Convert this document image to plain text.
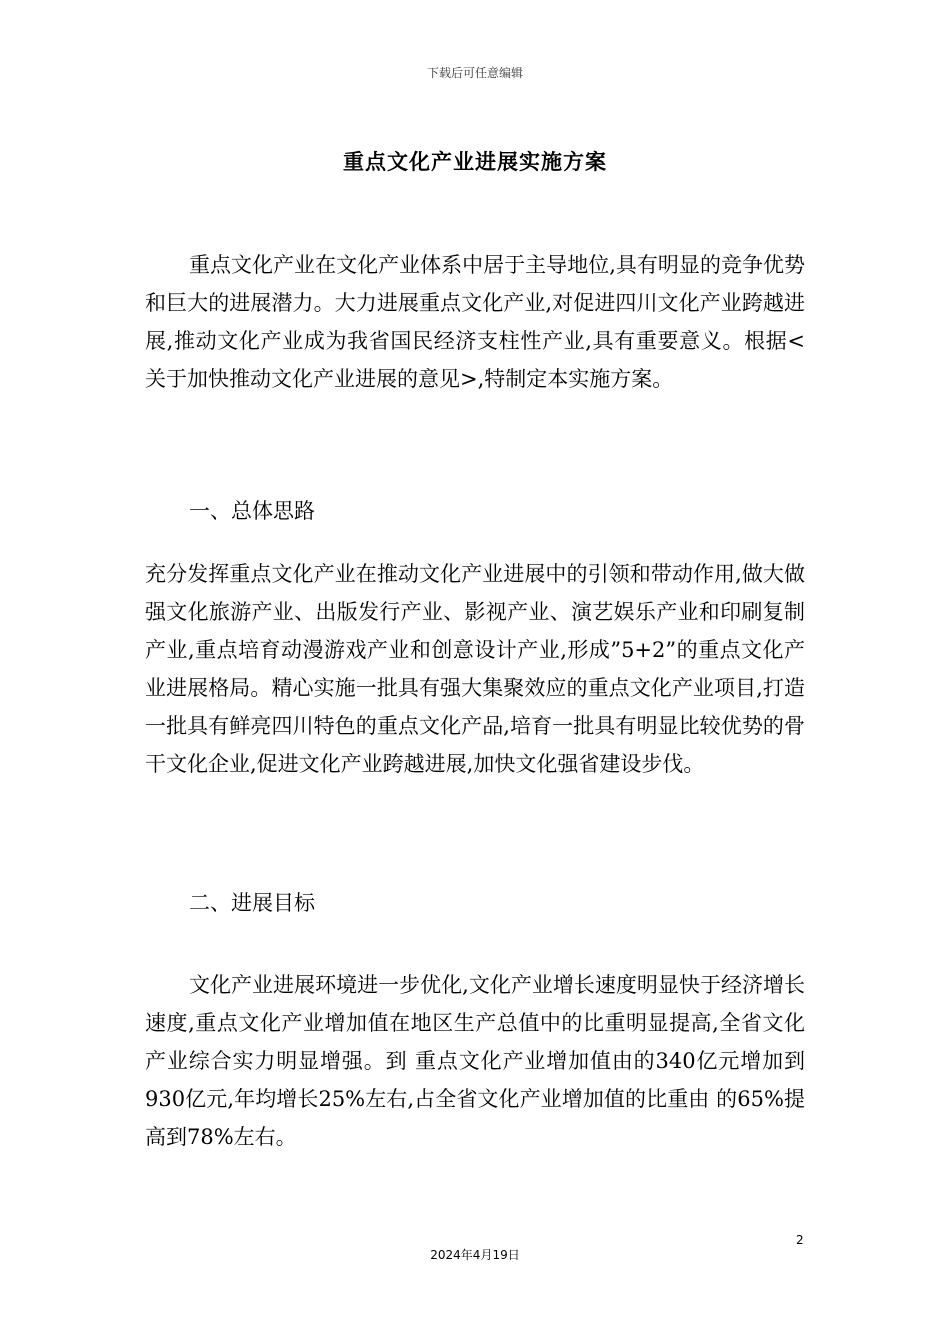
下载后可任意编辑
重点文化产业进展实施方案

重点文化产业在文化产业体系中居于主导地位,具有明显的竞争优势和巨大的进展潜力。大力进展重点文化产业,对促进四川文化产业跨越进展,推动文化产业成为我省国民经济支柱性产业,具有重要意义。根据<关于加快推动文化产业进展的意见>,特制定本实施方案。

一、总体思路

充分发挥重点文化产业在推动文化产业进展中的引领和带动作用,做大做强文化旅游产业、出版发行产业、影视产业、演艺娱乐产业和印刷复制产业,重点培育动漫游戏产业和创意设计产业,形成”5+2”的重点文化产业进展格局。精心实施一批具有强大集聚效应的重点文化产业项目,打造一批具有鲜亮四川特色的重点文化产品,培育一批具有明显比较优势的骨干文化企业,促进文化产业跨越进展,加快文化强省建设步伐。

二、进展目标

文化产业进展环境进一步优化,文化产业增长速度明显快于经济增长速度,重点文化产业增加值在地区生产总值中的比重明显提高,全省文化产业综合实力明显增强。到 重点文化产业增加值由的340亿元增加到930亿元,年均增长25%左右,占全省文化产业增加值的比重由 的65%提高到78%左右。

2
2024年4月19日
